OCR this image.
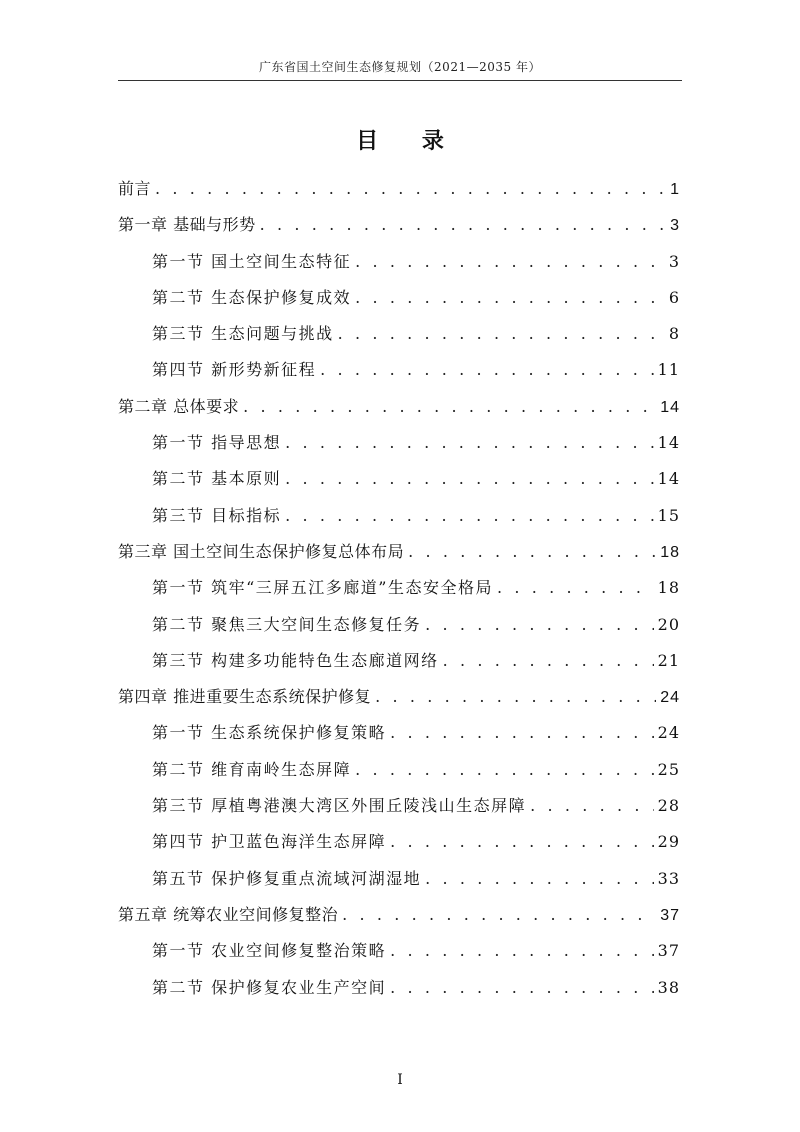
广东省国土空间生态修复规划（2021—2035 年）
目 录
前言 . . .	1
第一章 基础与形势 . . .	3
第一节 国土空间生态特征 . . .	3
第二节 生态保护修复成效 . . .	6
第三节 生态问题与挑战 . . .	8
第四节 新形势新征程 . . .	11
第二章 总体要求 . . .	14
第一节 指导思想 . . .	14
第二节 基本原则 . . .	14
第三节 目标指标 . . .	15
第三章 国土空间生态保护修复总体布局 . . .	18
第一节 筑牢“三屏五江多廊道”生态安全格局 . . .	18
第二节 聚焦三大空间生态修复任务 . . .	20
第三节 构建多功能特色生态廊道网络 . . .	21
第四章 推进重要生态系统保护修复 . . .	24
第一节 生态系统保护修复策略 . . .	24
第二节 维育南岭生态屏障 . . .	25
第三节 厚植粤港澳大湾区外围丘陵浅山生态屏障 . . .	28
第四节 护卫蓝色海洋生态屏障 . . .	29
第五节 保护修复重点流域河湖湿地 . . .	33
第五章 统筹农业空间修复整治 . . .	37
第一节 农业空间修复整治策略 . . .	37
第二节 保护修复农业生产空间 . . .	38
I
